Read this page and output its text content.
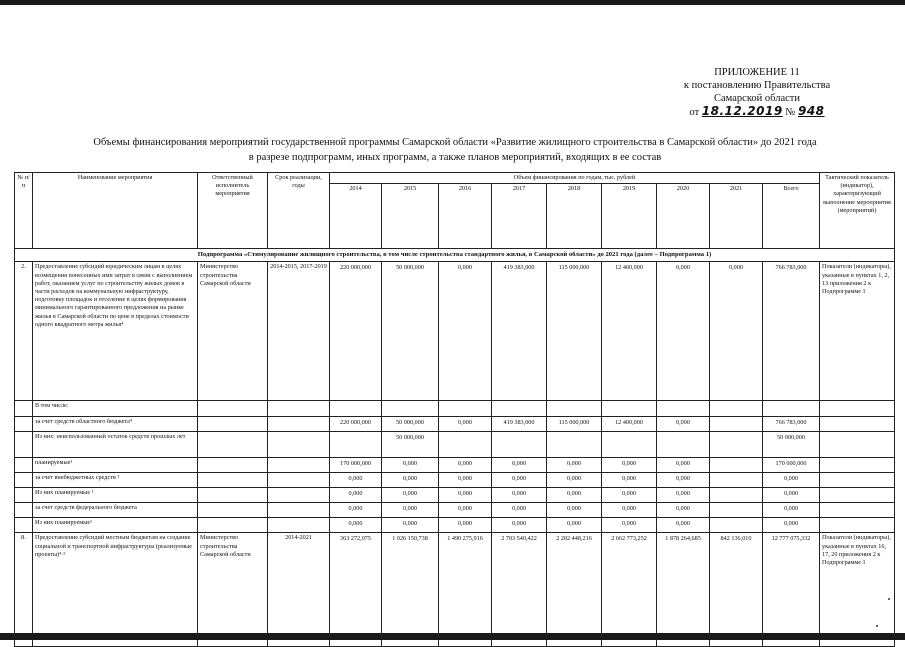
ПРИЛОЖЕНИЕ 11
к постановлению Правительства
Самарской области
от 18.12.2019 № 948
Объемы финансирования мероприятий государственной программы Самарской области «Развитие жилищного строительства в Самарской области» до 2021 года
в разрезе подпрограмм, иных программ, а также планов мероприятий, входящих в ее состав
№ п/п	Наименование мероприятия	Ответственный исполнитель мероприятия	Срок реализации, годы	Объем финансирования по годам, тыс. рублей									Тактический показатель (индикатор), характеризующий выполнение мероприятия (мероприятий)
				2014	2015	2016	2017	2018	2019	2020	2021	Всего	
Подпрограмма «Стимулирование жилищного строительства, в том числе строительства стандартного жилья, в Самарской области» до 2021 года (далее – Подпрограмма 1)													
2.	Предоставление субсидий юридическим лицам в целях возмещения понесенных ими затрат в связи с выполнением работ, оказанием услуг по строительству жилых домов в части расходов на коммунальную инфраструктуру, подготовку площадок и отселение в целях формирования минимального гарантированного предложения на рынке жилья в Самарской области по цене в пределах стоимости одного квадратного метра жилья⁴	Министерство строительства Самарской области	2014-2015, 2017-2019	220 000,000	50 000,000	0,000	419 383,000	115 000,000	12 400,000	0,000	0,000	766 783,000	Показатели (индикаторы), указанные в пунктах 1, 2, 13 приложения 2 к Подпрограмме 1
	В том числе:												
	за счет средств областного бюджета⁴			220 000,000	50 000,000	0,000	419 383,000	115 000,000	12 400,000	0,000		766 783,000	
	Из них: неиспользованный остаток средств прошлых лет				50 000,000							50 000,000	
	планируемые¹			170 000,000	0,000	0,000	0,000	0,000	0,000	0,000		170 000,000	
	за счет внебюджетных средств ²			0,000	0,000	0,000	0,000	0,000	0,000	0,000		0,000	
	Из них планируемые ¹			0,000	0,000	0,000	0,000	0,000	0,000	0,000		0,000	
	за счет средств федерального бюджета			0,000	0,000	0,000	0,000	0,000	0,000	0,000		0,000	
	Из них планируемые¹			0,000	0,000	0,000	0,000	0,000	0,000	0,000		0,000	
8.	Предоставление субсидий местным бюджетам на создание социальной и транспортной инфраструктуры (реализуемые проекты)⁴·⁵	Министерство строительства Самарской области	2014-2021	363 272,075	1 026 150,738	1 490 275,916	2 703 540,422	2 202 448,216	2 662 773,252	1 878 264,685	842 136,010	12 777 075,332	Показатели (индикаторы), указанные в пунктах 16, 17, 20 приложения 2 к Подпрограмме 1
